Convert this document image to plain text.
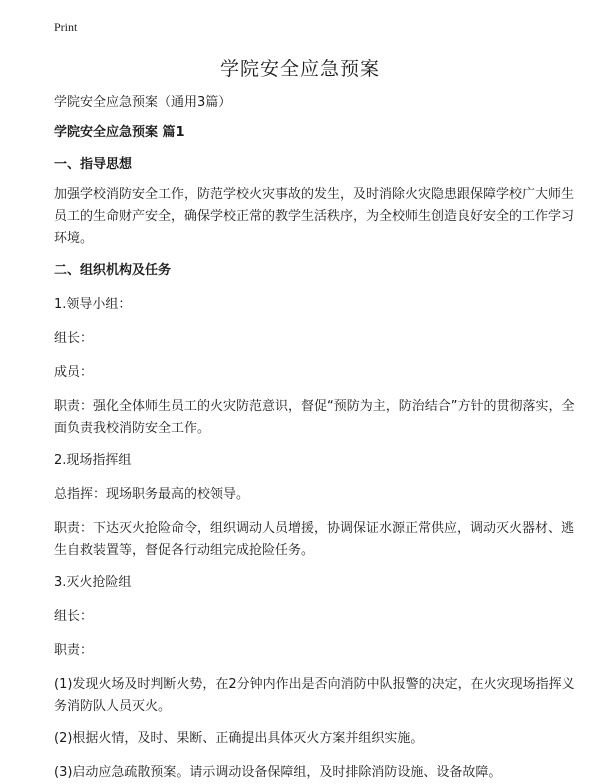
Print
学院安全应急预案

学院安全应急预案（通用3篇）

学院安全应急预案 篇1

一、指导思想

加强学校消防安全工作，防范学校火灾事故的发生，及时消除火灾隐患跟保障学校广大师生员工的生命财产安全，确保学校正常的教学生活秩序，为全校师生创造良好安全的工作学习环境。

二、组织机构及任务

1.领导小组：

组长：

成员：

职责：强化全体师生员工的火灾防范意识，督促“预防为主，防治结合”方针的贯彻落实，全面负责我校消防安全工作。

2.现场指挥组

总指挥：现场职务最高的校领导。

职责：下达灭火抢险命令，组织调动人员增援，协调保证水源正常供应，调动灭火器材、逃生自救装置等，督促各行动组完成抢险任务。

3.灭火抢险组

组长：

职责：

(1)发现火场及时判断火势，在2分钟内作出是否向消防中队报警的决定，在火灾现场指挥义务消防队人员灭火。

(2)根据火情，及时、果断、正确提出具体灭火方案并组织实施。

(3)启动应急疏散预案。请示调动设备保障组，及时排除消防设施、设备故障。
